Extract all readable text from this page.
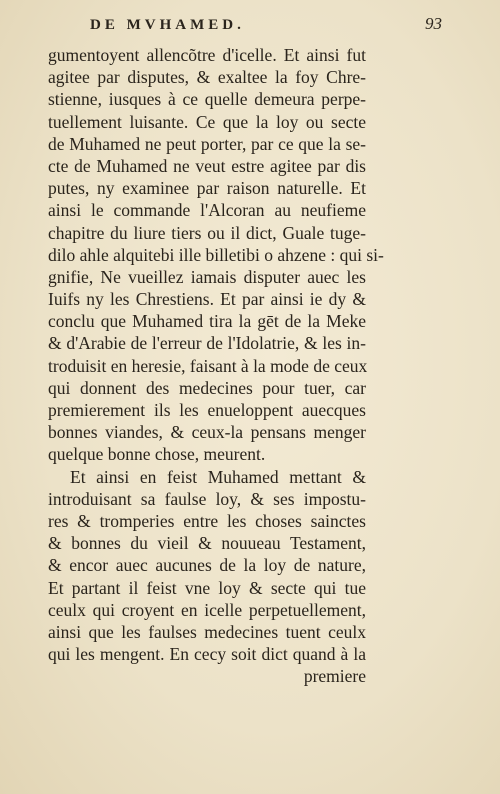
DE MVHAMED.	93
gumentoyent allencõtre d'icelle. Et ainsi fut
agitee par disputes, & exaltee la foy Chre-
stienne, iusques à ce quelle demeura perpe-
tuellement luisante. Ce que la loy ou secte
de Muhamed ne peut porter, par ce que la se-
cte de Muhamed ne veut estre agitee par dis
putes, ny examinee par raison naturelle. Et
ainsi le commande l'Alcoran au neufieme
chapitre du liure tiers ou il dict, Guale tuge-
dilo ahle alquitebi ille billetibi o ahzene : qui si-
gnifie, Ne vueillez iamais disputer auec les
Iuifs ny les Chrestiens. Et par ainsi ie dy &
conclu que Muhamed tira la gēt de la Meke
& d'Arabie de l'erreur de l'Idolatrie, & les in-
troduisit en heresie, faisant à la mode de ceux
qui donnent des medecines pour tuer, car
premierement ils les enueloppent auecques
bonnes viandes, & ceux-la pensans menger
quelque bonne chose, meurent.
Et ainsi en feist Muhamed mettant &
introduisant sa faulse loy, & ses impostu-
res & tromperies entre les choses sainctes
& bonnes du vieil & nouueau Testament,
& encor auec aucunes de la loy de nature,
Et partant il feist vne loy & secte qui tue
ceulx qui croyent en icelle perpetuellement,
ainsi que les faulses medecines tuent ceulx
qui les mengent. En cecy soit dict quand à la
premiere
